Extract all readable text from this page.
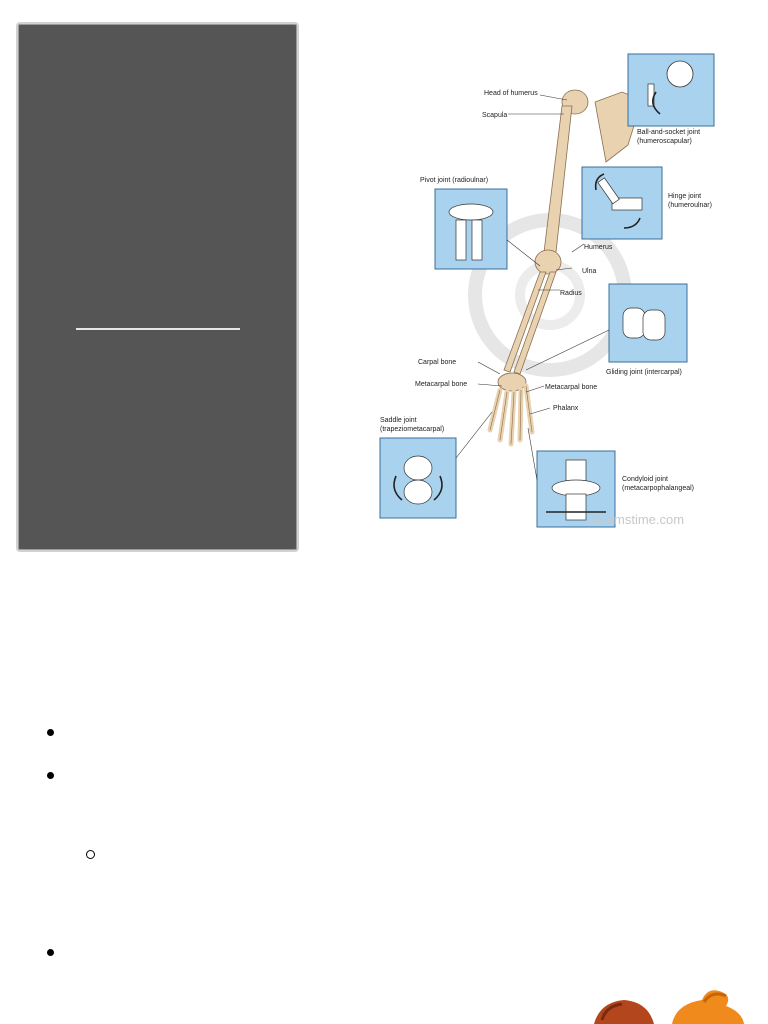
Head of humerus
Scapula
Ball-and-socket joint
(humeroscapular)
Pivot joint (radioulnar)
Hinge joint
(humeroulnar)
Humerus
Ulna
Radius
Gliding joint (intercarpal)
Carpal bone
Metacarpal bone	Metacarpal bone
Phalanx
Saddle joint
(trapeziometacarpal)
Condyloid joint
(metacarpophalangeal)
dreamstime.com
